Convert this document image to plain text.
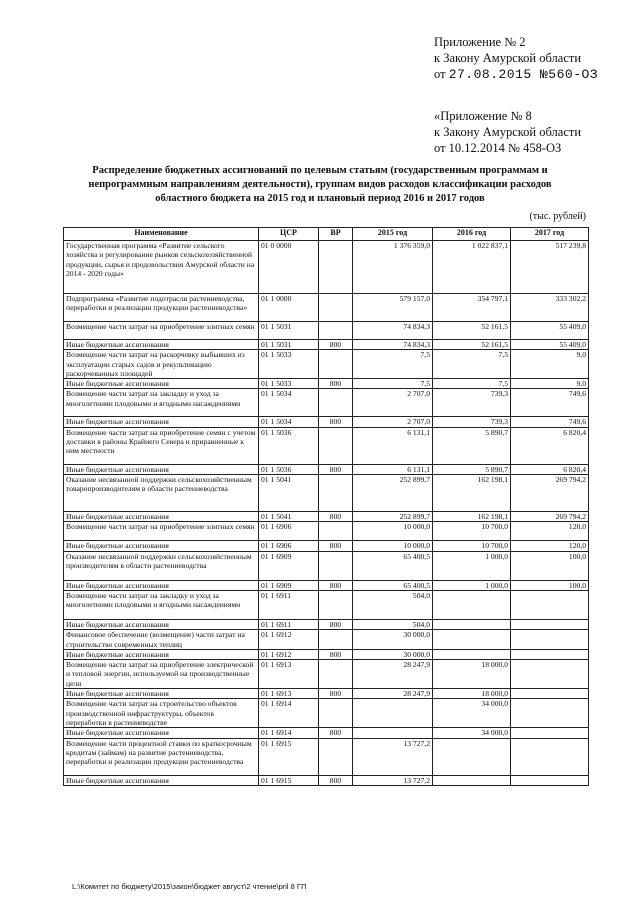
Приложение № 2
к Закону Амурской области
от 27.08.2015 №560-ОЗ
«Приложение № 8
к Закону Амурской области
от 10.12.2014 № 458-ОЗ
Распределение бюджетных ассигнований по целевым статьям (государственным программам и
непрограммным направлениям деятельности), группам видов расходов классификации расходов
областного бюджета на 2015 год и плановый период 2016 и 2017 годов
(тыс. рублей)
Наименование	ЦСР	ВР	2015 год	2016 год	2017 год
Государственная программа «Развитие сельского хозяйства и регулирование рынков сельскохозяйственной продукции, сырья и продовольствия Амурской области на 2014 - 2020 годы»	01 0 0000		1 376 359,0	1 022 837,1	517 239,8
Подпрограмма «Развитие подотрасли растениеводства, переработки и реализации продукции растениеводства»	01 1 0000		579 157,0	354 797,1	333 302,2
Возмещение части затрат на приобретение элитных семян	01 1 5031		74 834,3	52 161,5	55 409,0
Иные бюджетные ассигнования	01 1 5031	800	74 834,3	52 161,5	55 409,0
Возмещение части затрат на раскорчевку выбывших из эксплуатации старых садов и рекультивацию раскорчеванных площадей	01 1 5033		7,5	7,5	9,0
Иные бюджетные ассигнования	01 1 5033	800	7,5	7,5	9,0
Возмещение части затрат на закладку и уход за многолетними плодовыми и ягодными насаждениями	01 1 5034		2 707,0	739,3	749,6
Иные бюджетные ассигнования	01 1 5034	800	2 707,0	739,3	749,6
Возмещение части затрат на приобретение семян с учетом доставки в районы Крайнего Севера и приравненные к ним местности	01 1 5036		6 131,1	5 890,7	6 820,4
Иные бюджетные ассигнования	01 1 5036	800	6 131,1	5 890,7	6 820,4
Оказание несвязанной поддержки сельскохозяйственным товаропроизводителям в области растениеводства	01 1 5041		252 899,7	162 198,1	269 794,2
Иные бюджетные ассигнования	01 1 5041	800	252 899,7	162 198,1	269 794,2
Возмещение части затрат на приобретение элитных семян	01 1 6906		10 000,0	10 700,0	120,0
Иные бюджетные ассигнования	01 1 6906	800	10 000,0	10 700,0	120,0
Оказание несвязанной поддержки сельскохозяйственным производителям в области растениеводства	01 1 6909		65 400,5	1 000,0	100,0
Иные бюджетные ассигнования	01 1 6909	800	65 400,5	1 000,0	100,0
Возмещение части затрат на закладку и уход за многолетними плодовыми и ягодными насаждениями	01 1 6911		504,0		
Иные бюджетные ассигнования	01 1 6911	800	504,0		
Финансовое обеспечение (возмещение) части затрат на строительство современных теплиц	01 1 6912		30 000,0		
Иные бюджетные ассигнования	01 1 6912	800	30 000,0		
Возмещение части затрат на приобретение электрической и тепловой энергии, используемой на производственные цели	01 1 6913		28 247,9	18 000,0	
Иные бюджетные ассигнования	01 1 6913	800	28 247,9	18 000,0	
Возмещение части затрат на строительство объектов производственной инфраструктуры, объектов переработки в растениеводстве	01 1 6914			34 000,0	
Иные бюджетные ассигнования	01 1 6914	800		34 000,0	
Возмещение части процентной ставки по краткосрочным кредитам (займам) на развитие растениеводства, переработки и реализации продукции растениеводства	01 1 6915		13 727,2		
Иные бюджетные ассигнования	01 1 6915	800	13 727,2		
L:\Комитет по бюджету\2015\закон\бюджет август\2 чтение\pril 8 ГП
